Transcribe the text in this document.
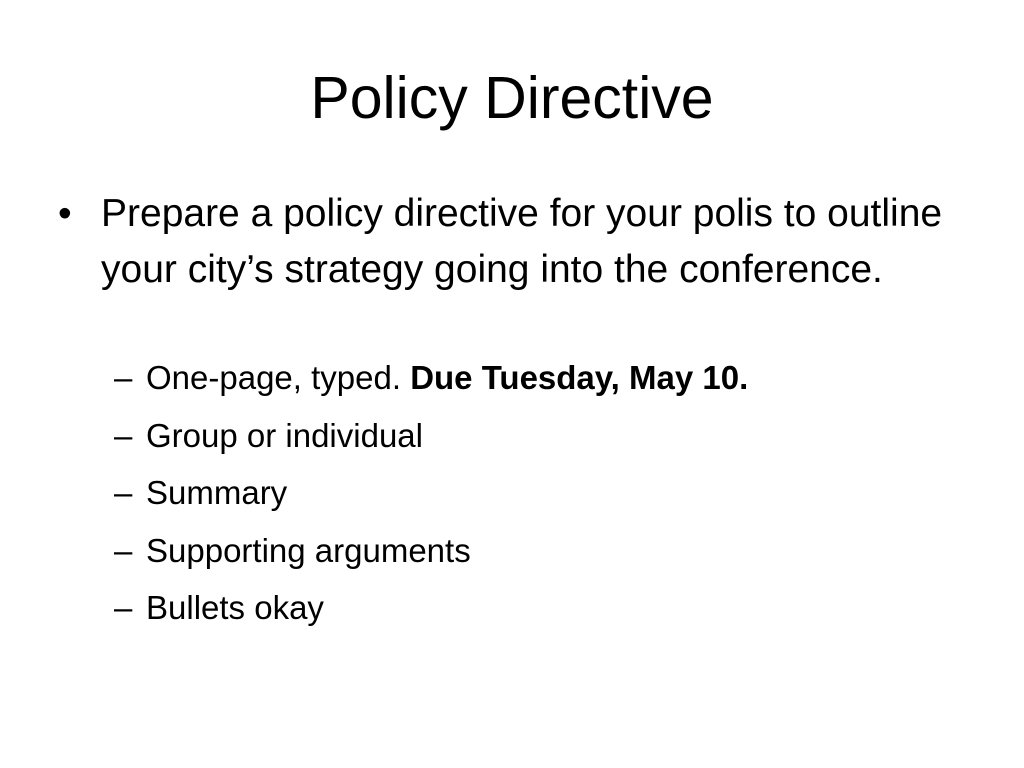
Policy Directive
• Prepare a policy directive for your polis to outline your city’s strategy going into the conference.
– One-page, typed. Due Tuesday, May 10.
– Group or individual
– Summary
– Supporting arguments
– Bullets okay
